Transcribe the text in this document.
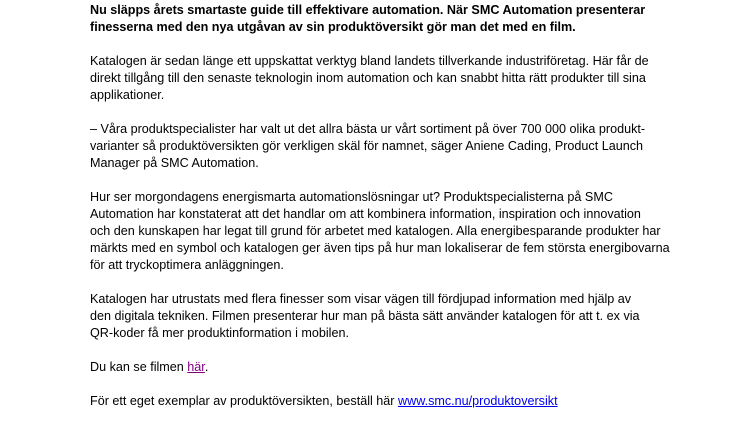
Nu släpps årets smartaste guide till effektivare automation. När SMC Automation presenterar
finesserna med den nya utgåvan av sin produktöversikt gör man det med en film.

Katalogen är sedan länge ett uppskattat verktyg bland landets tillverkande industriföretag. Här får de
direkt tillgång till den senaste teknologin inom automation och kan snabbt hitta rätt produkter till sina
applikationer.

– Våra produktspecialister har valt ut det allra bästa ur vårt sortiment på över 700 000 olika produkt-
varianter så produktöversikten gör verkligen skäl för namnet, säger Aniene Cading, Product Launch
Manager på SMC Automation.

Hur ser morgondagens energismarta automationslösningar ut? Produktspecialisterna på SMC
Automation har konstaterat att det handlar om att kombinera information, inspiration och innovation
och den kunskapen har legat till grund för arbetet med katalogen. Alla energibesparande produkter har
märkts med en symbol och katalogen ger även tips på hur man lokaliserar de fem största energibovarna
för att tryckoptimera anläggningen.

Katalogen har utrustats med flera finesser som visar vägen till fördjupad information med hjälp av
den digitala tekniken. Filmen presenterar hur man på bästa sätt använder katalogen för att t. ex via
QR-koder få mer produktinformation i mobilen.

Du kan se filmen här.

För ett eget exemplar av produktöversikten, beställ här www.smc.nu/produktoversikt
